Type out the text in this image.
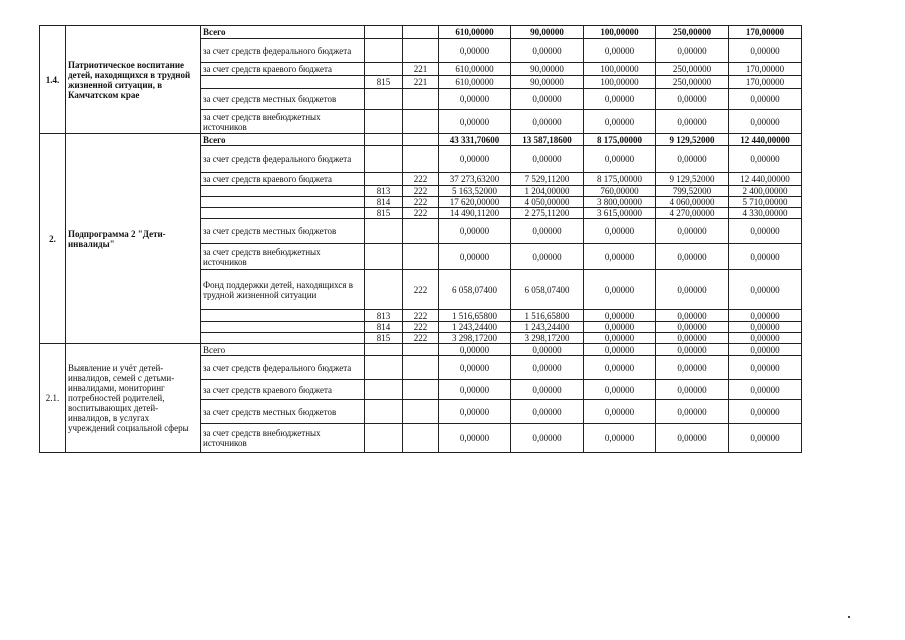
1.4.	Патриотическое воспитание детей, находящихся в трудной жизненной ситуации, в Камчатском крае	Всего			610,00000	90,00000	100,00000	250,00000	170,00000
		за счет средств федерального бюджета			0,00000	0,00000	0,00000	0,00000	0,00000
		за счет средств краевого бюджета		221	610,00000	90,00000	100,00000	250,00000	170,00000
			815	221	610,00000	90,00000	100,00000	250,00000	170,00000
		за счет средств местных бюджетов			0,00000	0,00000	0,00000	0,00000	0,00000
		за счет средств внебюджетных источников			0,00000	0,00000	0,00000	0,00000	0,00000
2.	Подпрограмма 2 "Дети-инвалиды"	Всего			43 331,70600	13 587,18600	8 175,00000	9 129,52000	12 440,00000
		за счет средств федерального бюджета			0,00000	0,00000	0,00000	0,00000	0,00000
		за счет средств краевого бюджета		222	37 273,63200	7 529,11200	8 175,00000	9 129,52000	12 440,00000
			813	222	5 163,52000	1 204,00000	760,00000	799,52000	2 400,00000
			814	222	17 620,00000	4 050,00000	3 800,00000	4 060,00000	5 710,00000
			815	222	14 490,11200	2 275,11200	3 615,00000	4 270,00000	4 330,00000
		за счет средств местных бюджетов			0,00000	0,00000	0,00000	0,00000	0,00000
		за счет средств внебюджетных источников			0,00000	0,00000	0,00000	0,00000	0,00000
		Фонд поддержки детей, находящихся в трудной жизненной ситуации		222	6 058,07400	6 058,07400	0,00000	0,00000	0,00000
			813	222	1 516,65800	1 516,65800	0,00000	0,00000	0,00000
			814	222	1 243,24400	1 243,24400	0,00000	0,00000	0,00000
			815	222	3 298,17200	3 298,17200	0,00000	0,00000	0,00000
2.1.	Выявление и учёт детей-инвалидов, семей с детьми-инвалидами, мониторинг потребностей родителей, воспитывающих детей-инвалидов, в услугах учреждений социальной сферы	Всего			0,00000	0,00000	0,00000	0,00000	0,00000
		за счет средств федерального бюджета			0,00000	0,00000	0,00000	0,00000	0,00000
		за счет средств краевого бюджета			0,00000	0,00000	0,00000	0,00000	0,00000
		за счет средств местных бюджетов			0,00000	0,00000	0,00000	0,00000	0,00000
		за счет средств внебюджетных источников			0,00000	0,00000	0,00000	0,00000	0,00000
